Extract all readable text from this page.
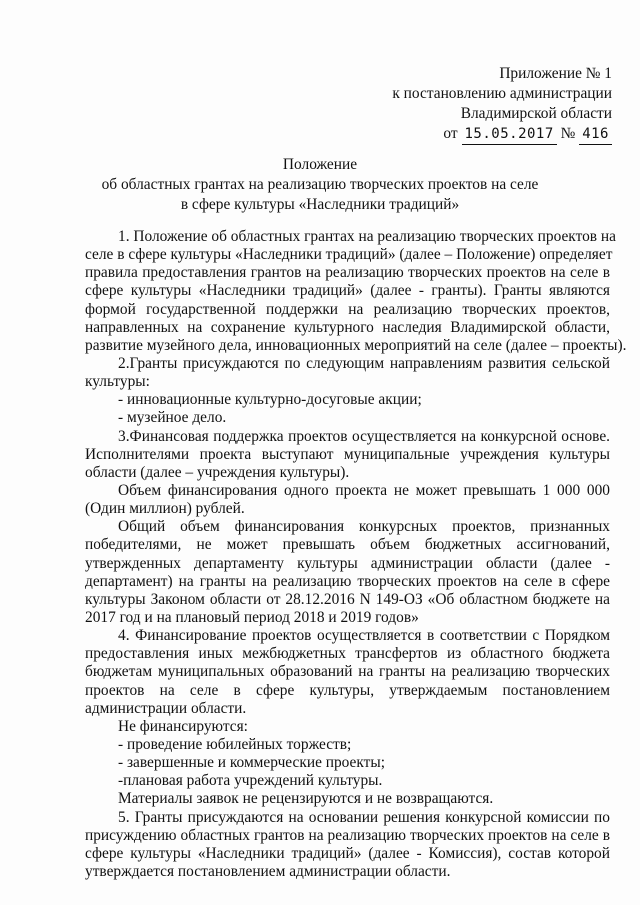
Приложение № 1
к постановлению администрации
Владимирской области
от 15.05.2017 № 416
Положение
об областных грантах на реализацию творческих проектов на селе
в сфере культуры «Наследники традиций»
1. Положение об областных грантах на реализацию творческих проектов на
селе в сфере культуры «Наследники традиций» (далее – Положение) определяет
правила предоставления грантов на реализацию творческих проектов на селе в
сфере культуры «Наследники традиций» (далее - гранты). Гранты являются
формой государственной поддержки на реализацию творческих проектов,
направленных на сохранение культурного наследия Владимирской области,
развитие музейного дела, инновационных мероприятий на селе (далее – проекты).
2.Гранты присуждаются по следующим направлениям развития сельской
культуры:
- инновационные культурно-досуговые акции;
- музейное дело.
3.Финансовая поддержка проектов осуществляется на конкурсной основе.
Исполнителями проекта выступают муниципальные учреждения культуры
области (далее – учреждения культуры).
Объем финансирования одного проекта не может превышать 1 000 000
(Один миллион) рублей.
Общий объем финансирования конкурсных проектов, признанных
победителями, не может превышать объем бюджетных ассигнований,
утвержденных департаменту культуры администрации области (далее -
департамент) на гранты на реализацию творческих проектов на селе в сфере
культуры Законом области от 28.12.2016 N 149-ОЗ «Об областном бюджете на
2017 год и на плановый период 2018 и 2019 годов»
4. Финансирование проектов осуществляется в соответствии с Порядком
предоставления иных межбюджетных трансфертов из областного бюджета
бюджетам муниципальных образований на гранты на реализацию творческих
проектов на селе в сфере культуры, утверждаемым постановлением
администрации области.
Не финансируются:
- проведение юбилейных торжеств;
- завершенные и коммерческие проекты;
-плановая работа учреждений культуры.
Материалы заявок не рецензируются и не возвращаются.
5. Гранты присуждаются на основании решения конкурсной комиссии по
присуждению областных грантов на реализацию творческих проектов на селе в
сфере культуры «Наследники традиций» (далее - Комиссия), состав которой
утверждается постановлением администрации области.
